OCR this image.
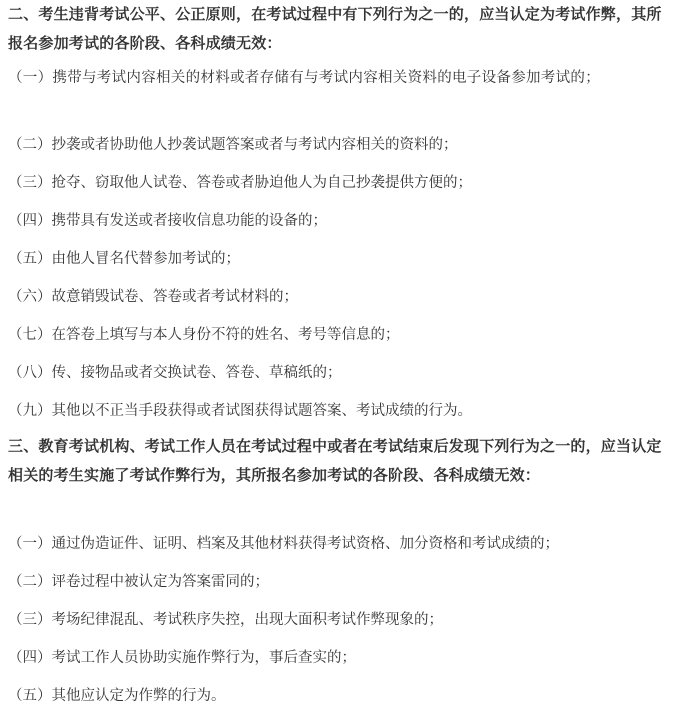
二、考生违背考试公平、公正原则，在考试过程中有下列行为之一的，应当认定为考试作弊，其所报名参加考试的各阶段、各科成绩无效：
（一）携带与考试内容相关的材料或者存储有与考试内容相关资料的电子设备参加考试的；
（二）抄袭或者协助他人抄袭试题答案或者与考试内容相关的资料的；
（三）抢夺、窃取他人试卷、答卷或者胁迫他人为自己抄袭提供方便的；
（四）携带具有发送或者接收信息功能的设备的；
（五）由他人冒名代替参加考试的；
（六）故意销毁试卷、答卷或者考试材料的；
（七）在答卷上填写与本人身份不符的姓名、考号等信息的；
（八）传、接物品或者交换试卷、答卷、草稿纸的；
（九）其他以不正当手段获得或者试图获得试题答案、考试成绩的行为。
三、教育考试机构、考试工作人员在考试过程中或者在考试结束后发现下列行为之一的，应当认定相关的考生实施了考试作弊行为，其所报名参加考试的各阶段、各科成绩无效：
（一）通过伪造证件、证明、档案及其他材料获得考试资格、加分资格和考试成绩的；
（二）评卷过程中被认定为答案雷同的；
（三）考场纪律混乱、考试秩序失控，出现大面积考试作弊现象的；
（四）考试工作人员协助实施作弊行为，事后查实的；
（五）其他应认定为作弊的行为。
